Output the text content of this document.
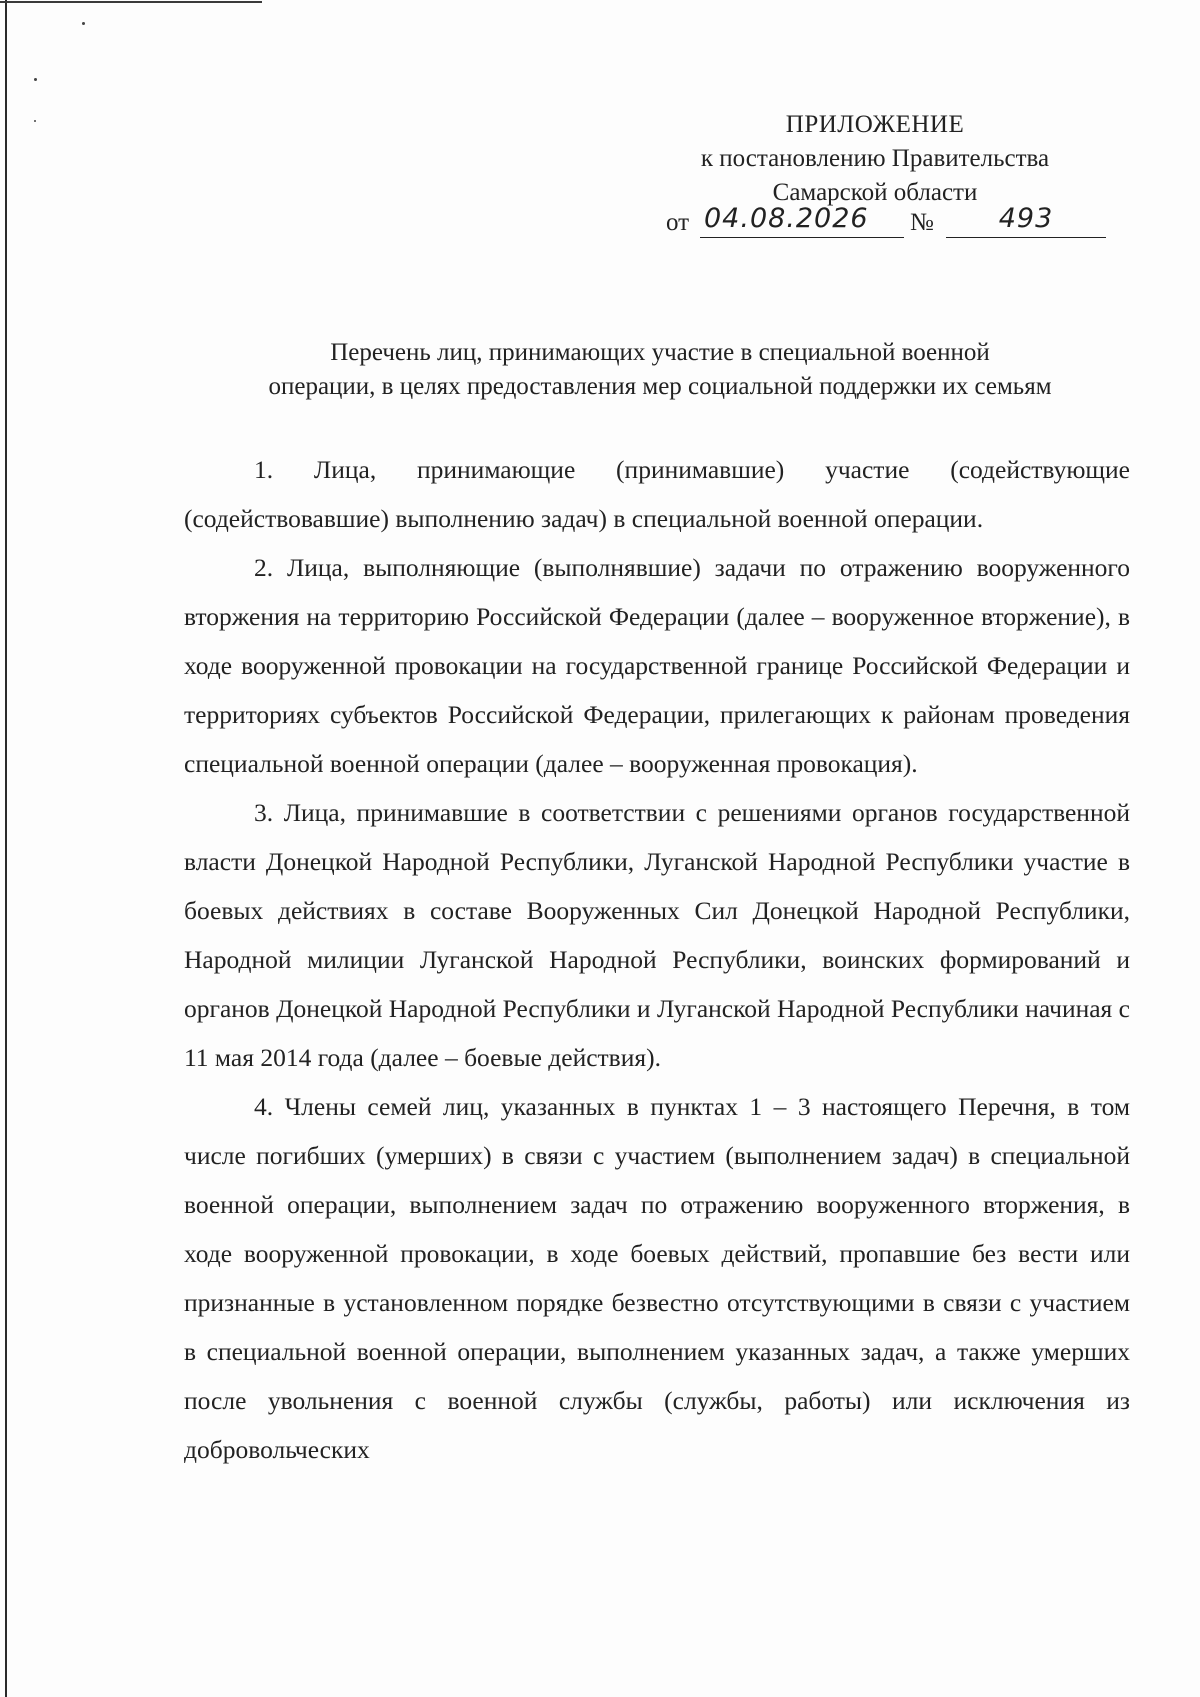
ПРИЛОЖЕНИЕ
к постановлению Правительства
Самарской области
от 04.08.2026	№	493
Перечень лиц, принимающих участие в специальной военной
операции, в целях предоставления мер социальной поддержки их семьям

1. Лица, принимающие (принимавшие) участие (содействующие (содействовавшие) выполнению задач) в специальной военной операции.

2. Лица, выполняющие (выполнявшие) задачи по отражению вооруженного вторжения на территорию Российской Федерации (далее – вооруженное вторжение), в ходе вооруженной провокации на государственной границе Российской Федерации и территориях субъектов Российской Федерации, прилегающих к районам проведения специальной военной операции (далее – вооруженная провокация).

3. Лица, принимавшие в соответствии с решениями органов государственной власти Донецкой Народной Республики, Луганской Народной Республики участие в боевых действиях в составе Вооруженных Сил Донецкой Народной Республики, Народной милиции Луганской Народной Республики, воинских формирований и органов Донецкой Народной Республики и Луганской Народной Республики начиная с 11 мая 2014 года (далее – боевые действия).

4. Члены семей лиц, указанных в пунктах 1 – 3 настоящего Перечня, в том числе погибших (умерших) в связи с участием (выполнением задач) в специальной военной операции, выполнением задач по отражению вооруженного вторжения, в ходе вооруженной провокации, в ходе боевых действий, пропавшие без вести или признанные в установленном порядке безвестно отсутствующими в связи с участием в специальной военной операции, выполнением указанных задач, а также умерших после увольнения с военной службы (службы, работы) или исключения из добровольческих
